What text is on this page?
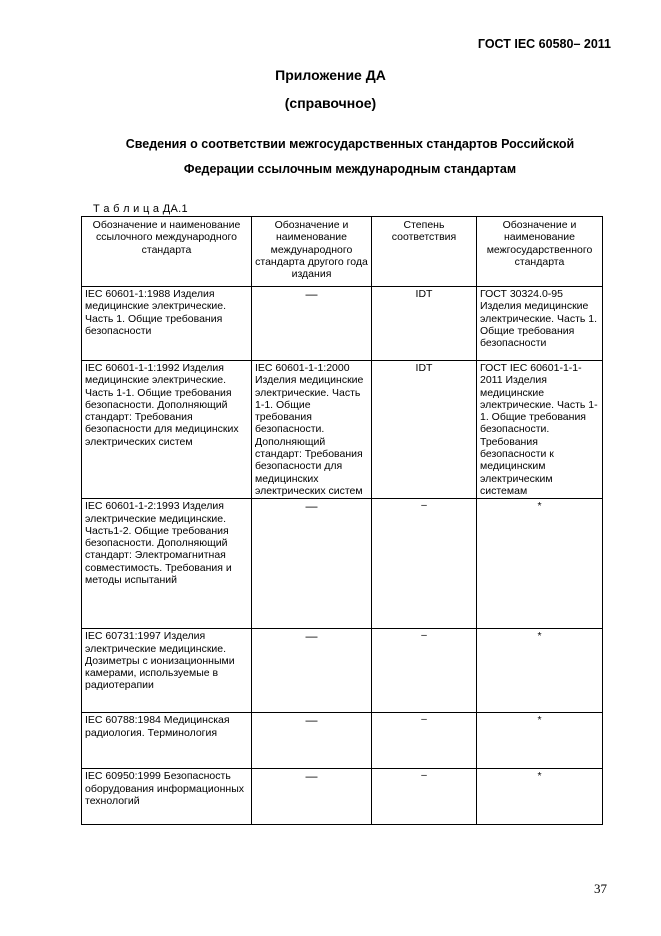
ГОСТ IEC 60580– 2011
Приложение ДА
(справочное)
Сведения о соответствии межгосударственных стандартов Российской Федерации ссылочным международным стандартам
Т а б л и ц а ДА.1
Обозначение и наименование ссылочного международного стандарта	Обозначение и наименование международного стандарта другого года издания	Степень соответствия	Обозначение и наименование межгосударственного стандарта
IEC 60601-1:1988 Изделия медицинские электрические. Часть 1. Общие требования безопасности	—	IDT	ГОСТ 30324.0-95 Изделия медицинские электрические. Часть 1. Общие требования безопасности
IEC 60601-1-1:1992 Изделия медицинские электрические. Часть 1-1. Общие требования безопасности. Дополняющий стандарт: Требования безопасности для медицинских электрических систем	IEC 60601-1-1:2000 Изделия медицинские электрические. Часть 1-1. Общие требования безопасности. Дополняющий стандарт: Требования безопасности для медицинских электрических систем	IDT	ГОСТ IEC 60601-1-1-2011 Изделия медицинские электрические. Часть 1-1. Общие требования безопасности. Требования безопасности к медицинским электрическим системам
IEC 60601-1-2:1993 Изделия электрические медицинские. Часть1-2. Общие требования безопасности. Дополняющий стандарт: Электромагнитная совместимость. Требования и методы испытаний	—	–	*
IEC 60731:1997 Изделия электрические медицинские. Дозиметры с ионизационными камерами, используемые в радиотерапии	—	–	*
IEC 60788:1984 Медицинская радиология. Терминология	—	–	*
IEC 60950:1999 Безопасность оборудования информационных технологий	—	–	*
37
